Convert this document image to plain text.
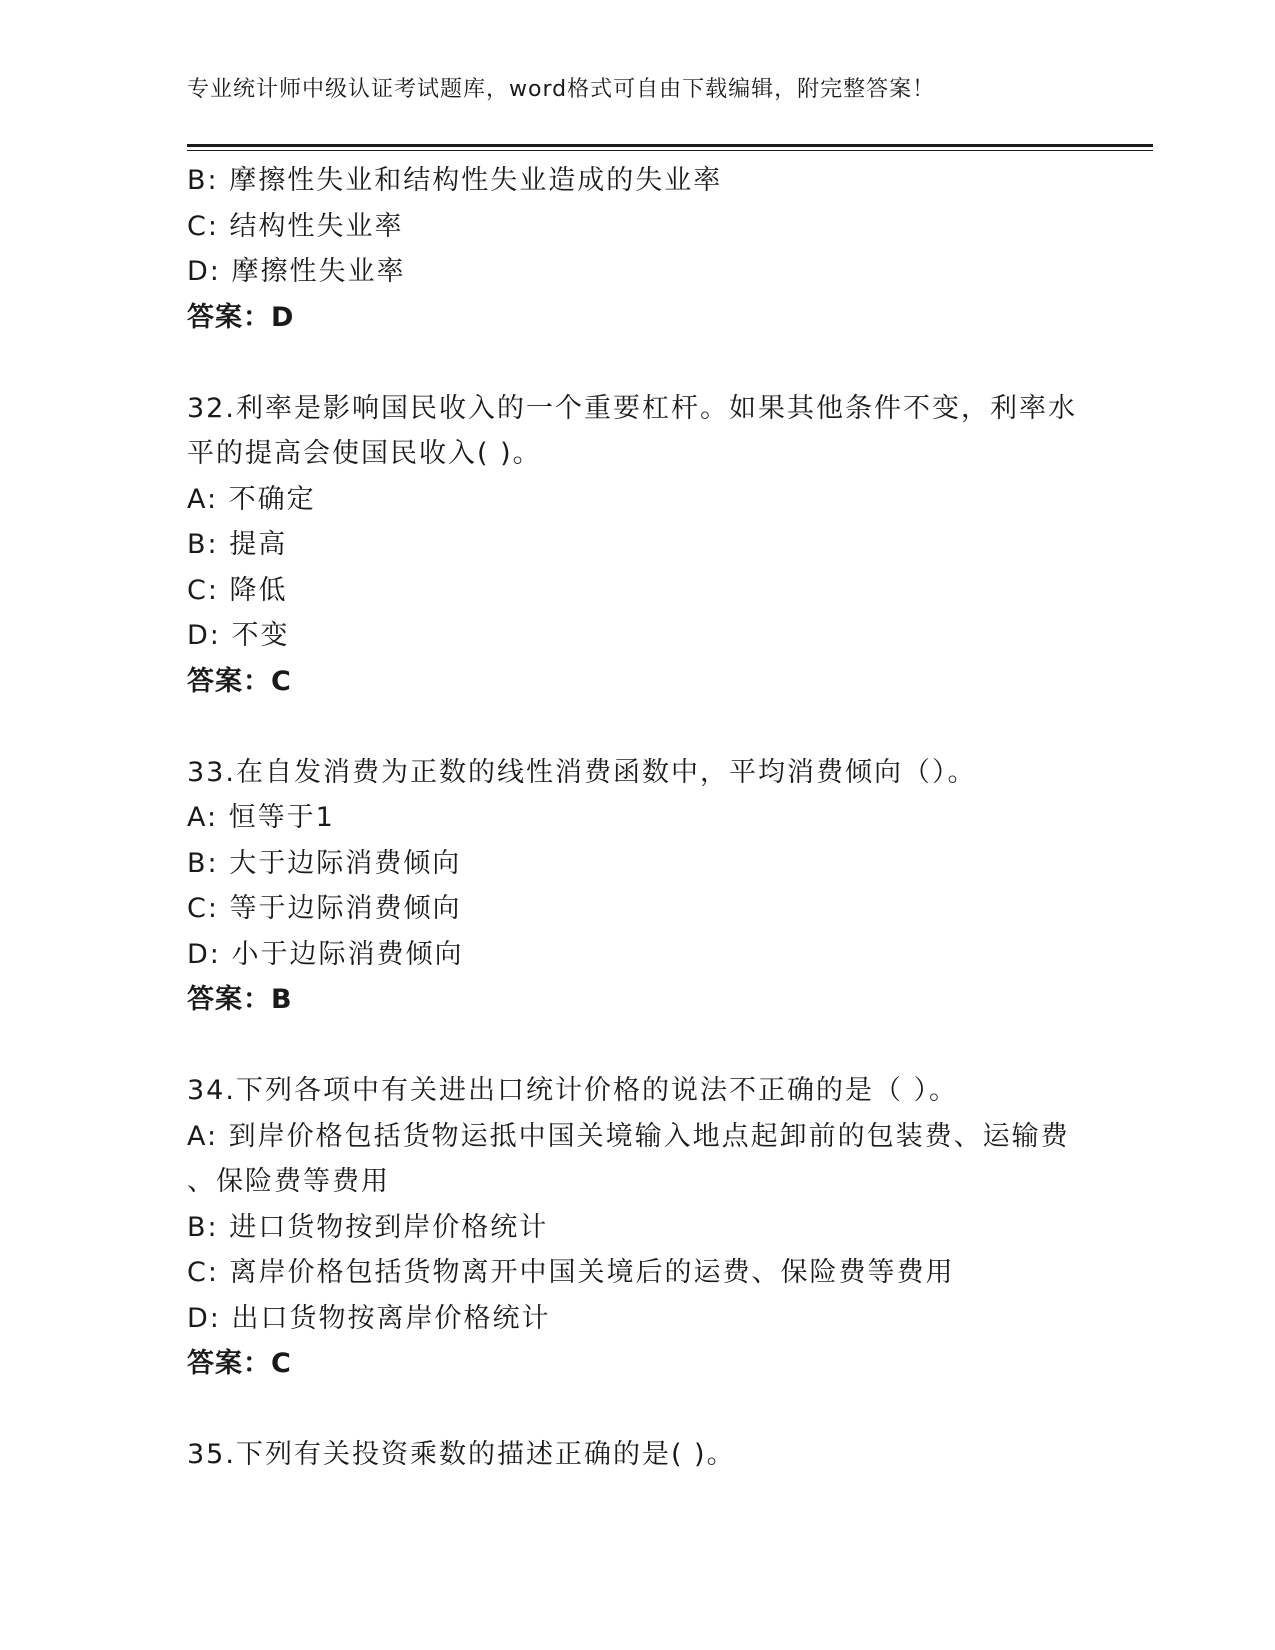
专业统计师中级认证考试题库，word格式可自由下载编辑，附完整答案！
B: 摩擦性失业和结构性失业造成的失业率
C: 结构性失业率
D: 摩擦性失业率
答案：D
32.利率是影响国民收入的一个重要杠杆。如果其他条件不变，利率水
平的提高会使国民收入( )。
A: 不确定
B: 提高
C: 降低
D: 不变
答案：C
33.在自发消费为正数的线性消费函数中，平均消费倾向（）。
A: 恒等于1
B: 大于边际消费倾向
C: 等于边际消费倾向
D: 小于边际消费倾向
答案：B
34.下列各项中有关进出口统计价格的说法不正确的是（ ）。
A: 到岸价格包括货物运抵中国关境输入地点起卸前的包装费、运输费
、保险费等费用
B: 进口货物按到岸价格统计
C: 离岸价格包括货物离开中国关境后的运费、保险费等费用
D: 出口货物按离岸价格统计
答案：C
35.下列有关投资乘数的描述正确的是( )。
